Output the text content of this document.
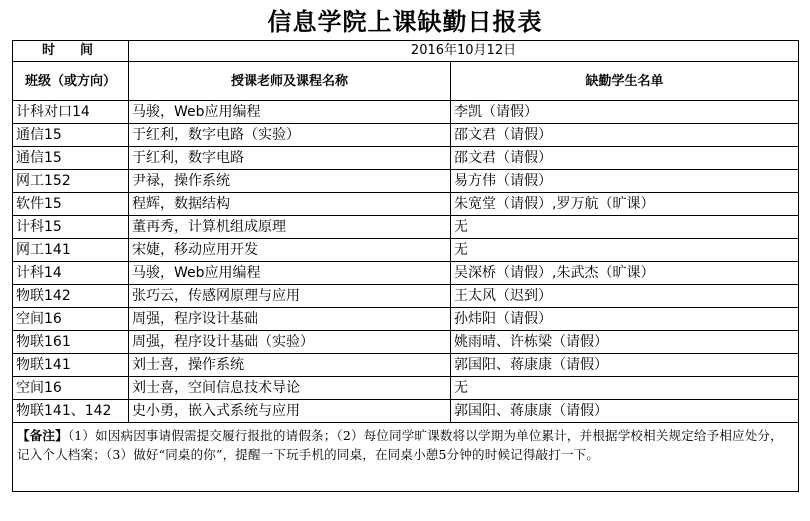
信息学院上课缺勤日报表
时　间	2016年10月12日	
班级（或方向）	授课老师及课程名称	缺勤学生名单
计科对口14	马骏，Web应用编程	李凯（请假）
通信15	于红利，数字电路（实验）	邵文君（请假）
通信15	于红利，数字电路	邵文君（请假）
网工152	尹禄，操作系统	易方伟（请假）
软件15	程辉，数据结构	朱宽堂（请假）,罗万航（旷课）
计科15	董再秀，计算机组成原理	无
网工141	宋婕，移动应用开发	无
计科14	马骏，Web应用编程	吴深桥（请假）,朱武杰（旷课）
物联142	张巧云，传感网原理与应用	王太风（迟到）
空间16	周强，程序设计基础	孙炜阳（请假）
物联161	周强，程序设计基础（实验）	姚雨晴、许栋梁（请假）
物联141	刘士喜，操作系统	郭国阳、蒋康康（请假）
空间16	刘士喜，空间信息技术导论	无
物联141、142	史小勇，嵌入式系统与应用	郭国阳、蒋康康（请假）
【备注】（1）如因病因事请假需提交履行报批的请假条；（2）每位同学旷课数将以学期为单位累计，并根据学校相关规定给予相应处分，记入个人档案；（3）做好“同桌的你”，提醒一下玩手机的同桌，在同桌小憩5分钟的时候记得敲打一下。		
